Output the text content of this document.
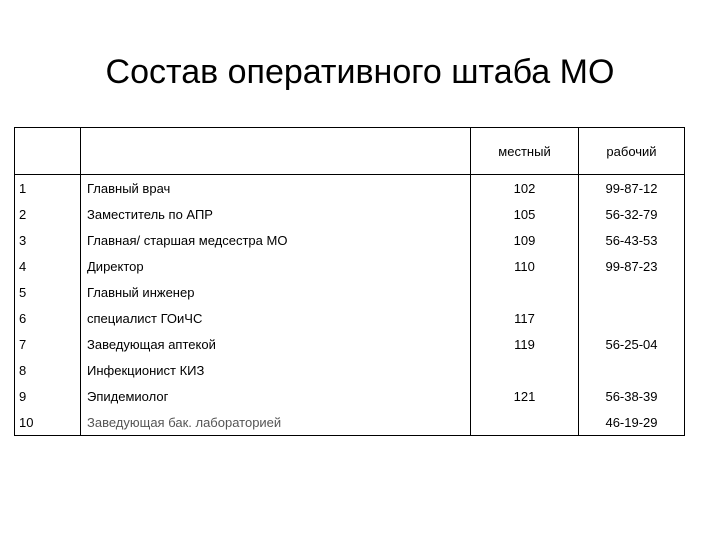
Состав оперативного штаба МО
		местный	рабочий
1	Главный врач	102	99-87-12
2	Заместитель по АПР	105	56-32-79
3	Главная/ старшая медсестра МО	109	56-43-53
4	Директор	110	99-87-23
5	Главный инженер		
6	специалист ГОиЧС	117	
7	Заведующая аптекой	119	56-25-04
8	Инфекционист КИЗ		
9	Эпидемиолог	121	56-38-39
10	Заведующая бак. лабораторией		46-19-29
